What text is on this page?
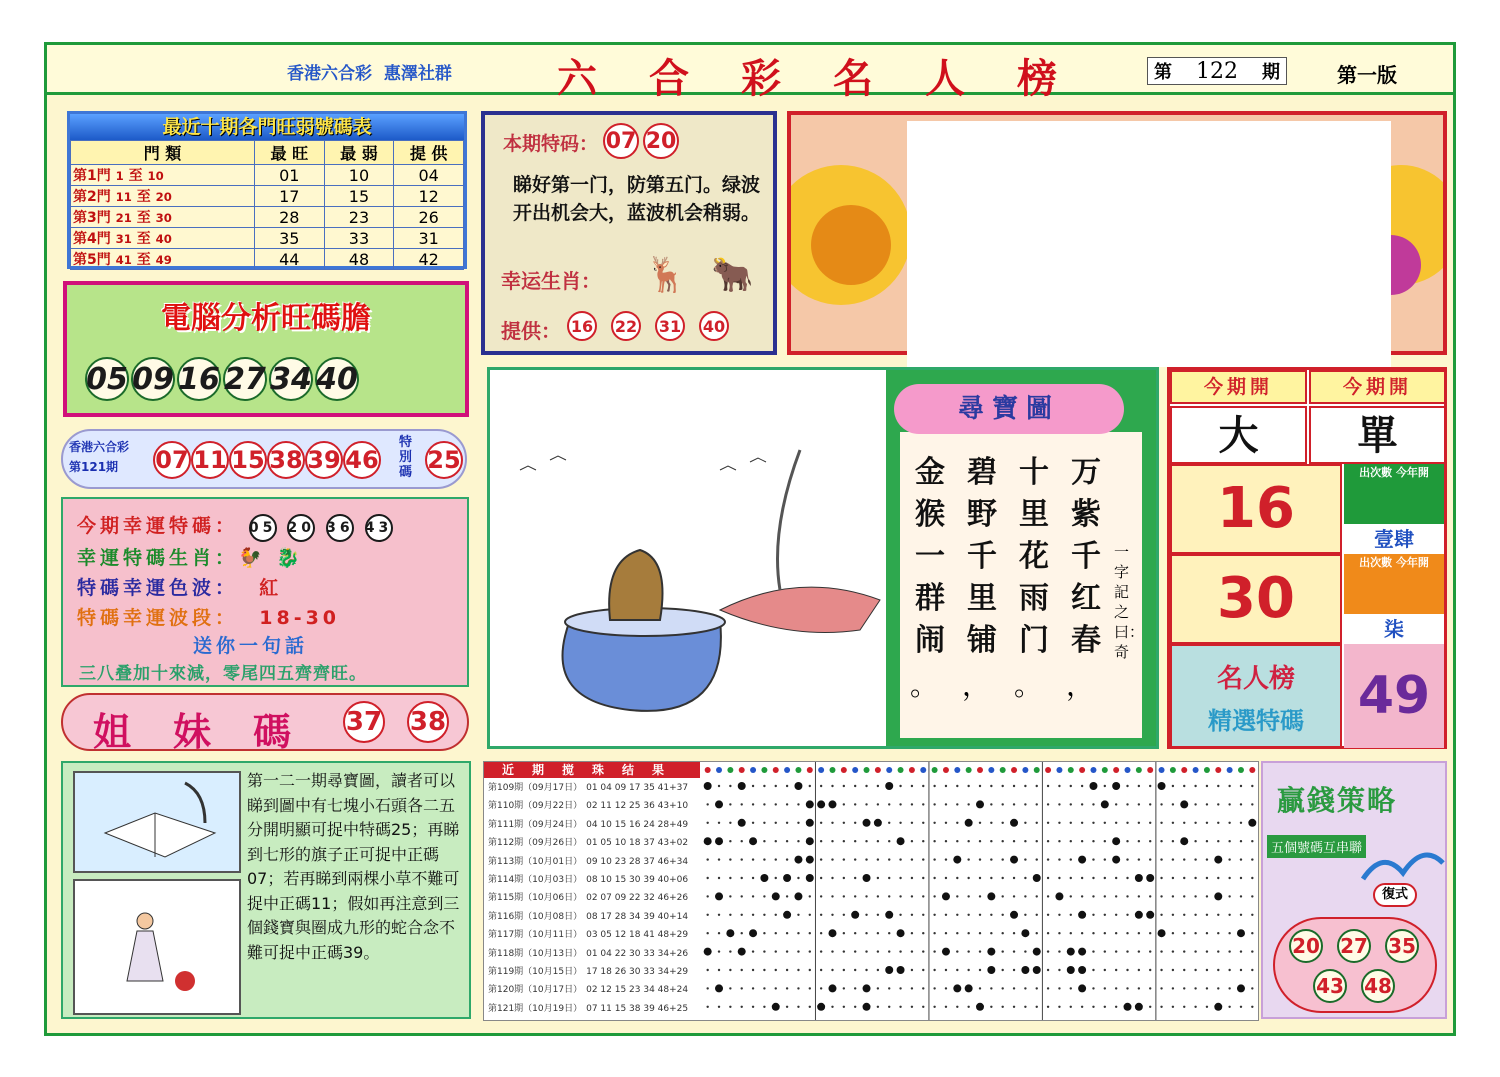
香港六合彩 惠澤社群	六合彩名人榜	第 122 期	第一版
最近十期各門旺弱號碼表
門 類	最 旺	最 弱	提 供
第1門 1 至 10	01	10	04
第2門 11 至 20	17	15	12
第3門 21 至 30	28	23	26
第4門 31 至 40	35	33	31
第5門 41 至 49	44	48	42
電腦分析旺碼膽
05 09 16 27 34 40
香港六合彩
第121期	07 11 15 38 39 46
特別碼 25
今期幸運特碼： 05 20 36 43
幸運特碼生肖：🐓 🐉
特碼幸運色波： 紅
特碼幸運波段： 18-30
送你一句話
三八叠加十來減，零尾四五齊齊旺。
姐妹碼 37 38
本期特码： 07 20
睇好第一门，防第五门。绿波开出机会大，蓝波机会稍弱。
幸运生肖： 🦌 🐂
提供： 16 22 31 40
万紫千红春
十里花雨门
碧野千里铺
金猴一群闹
，
。
，
。
一字記之曰：奇
尋寶圖
今期開	今期開
大	單
16
出次數 今年開
壹肆
30
出次數 今年開
柒
名人榜
精選特碼	49
第一二一期尋寶圖，讀者可以睇到圖中有七塊小石頭各二五分開明顯可捉中特碼25；再睇到七形的旗子正可捉中正碼07；若再睇到兩棵小草不難可捉中正碼11；假如再注意到三個錢寶與圈成九形的蛇合念不難可捉中正碼39。
近期搅珠结果
第109期（09月17日） 01 04 09 17 35 41+37
第110期（09月22日） 02 11 12 25 36 43+10
第111期（09月24日） 04 10 15 16 24 28+49
第112期（09月26日） 01 05 10 18 37 43+02
第113期（10月01日） 09 10 23 28 37 46+34
第114期（10月03日） 08 10 15 30 39 40+06
第115期（10月06日） 02 07 09 22 32 46+26
第116期（10月08日） 08 17 28 34 39 40+14
第117期（10月11日） 03 05 12 18 41 48+29
第118期（10月13日） 01 04 22 30 33 34+26
第119期（10月15日） 17 18 26 30 33 34+29
第120期（10月17日） 02 12 15 23 34 48+24
第121期（10月19日） 07 11 15 38 39 46+25
贏錢策略
五個號碼互串聯
復式
20 27 35
43 48
